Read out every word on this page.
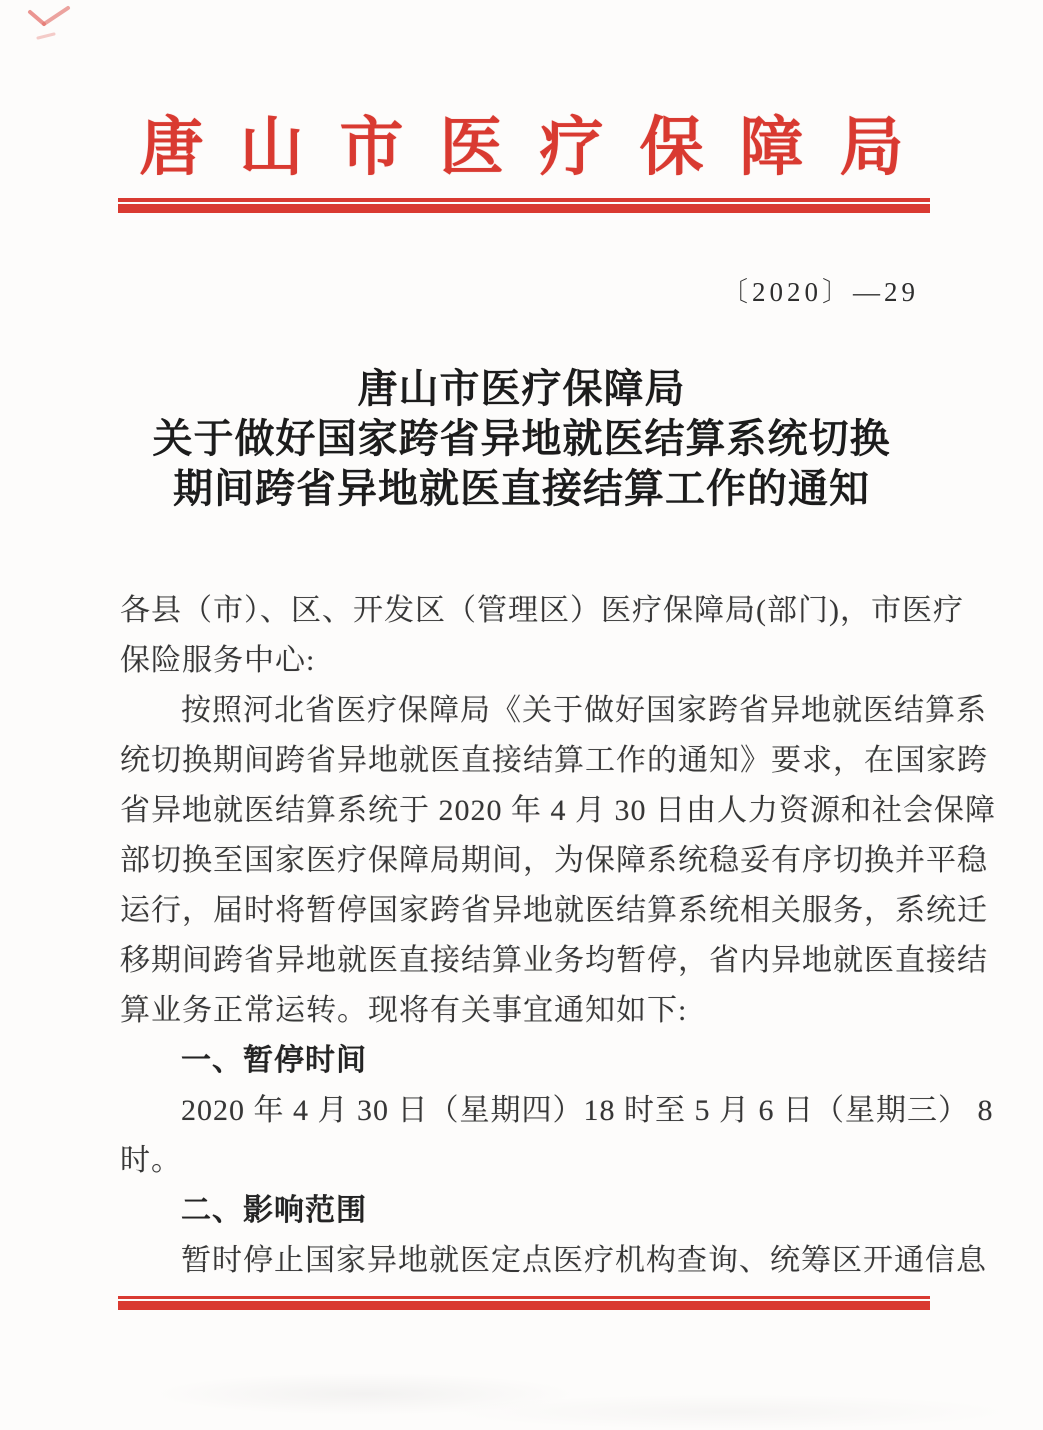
唐山市医疗保障局
〔2020〕—29
唐山市医疗保障局
关于做好国家跨省异地就医结算系统切换
期间跨省异地就医直接结算工作的通知
各县（市）、区、开发区（管理区）医疗保障局(部门)，市医疗
保险服务中心:
按照河北省医疗保障局《关于做好国家跨省异地就医结算系
统切换期间跨省异地就医直接结算工作的通知》要求，在国家跨
省异地就医结算系统于 2020 年 4 月 30 日由人力资源和社会保障
部切换至国家医疗保障局期间，为保障系统稳妥有序切换并平稳
运行，届时将暂停国家跨省异地就医结算系统相关服务，系统迁
移期间跨省异地就医直接结算业务均暂停，省内异地就医直接结
算业务正常运转。现将有关事宜通知如下:
一、暂停时间
2020 年 4 月 30 日（星期四）18 时至 5 月 6 日（星期三） 8
时。
二、影响范围
暂时停止国家异地就医定点医疗机构查询、统筹区开通信息
